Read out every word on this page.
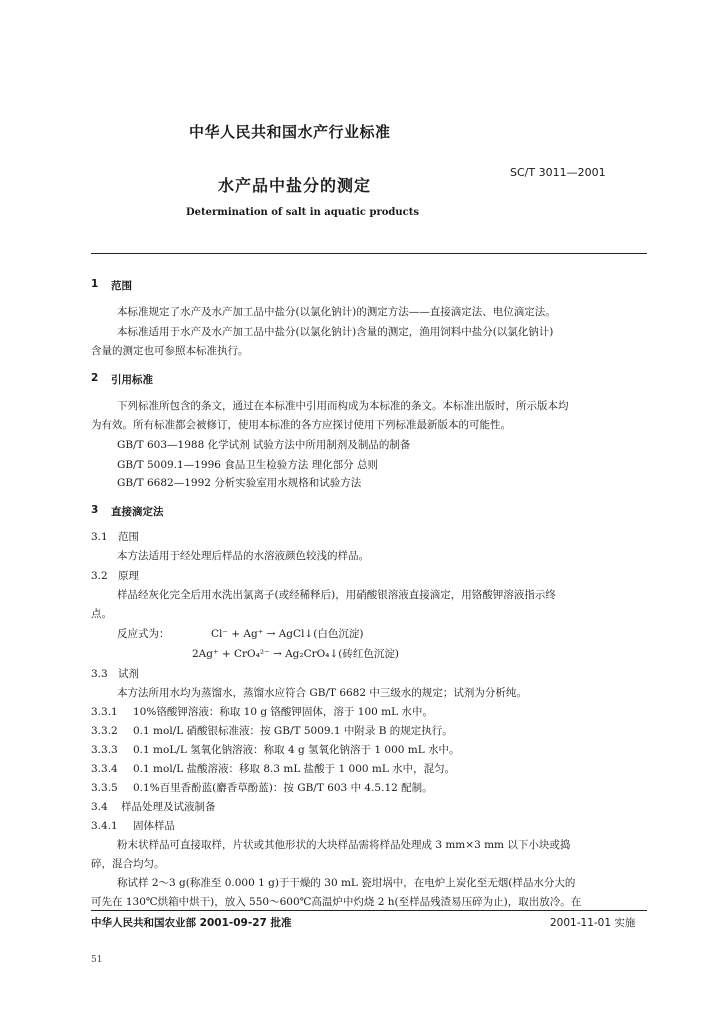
中华人民共和国水产行业标准
水产品中盐分的测定
SC/T 3011—2001
Determination of salt in aquatic products
1 范围
本标准规定了水产及水产加工品中盐分(以氯化钠计)的测定方法——直接滴定法、电位滴定法。
本标准适用于水产及水产加工品中盐分(以氯化钠计)含量的测定，渔用饲料中盐分(以氯化钠计)
含量的测定也可参照本标准执行。
2 引用标准
下列标准所包含的条文，通过在本标准中引用而构成为本标准的条文。本标准出版时，所示版本均
为有效。所有标准都会被修订，使用本标准的各方应探讨使用下列标准最新版本的可能性。
GB/T 603—1988 化学试剂 试验方法中所用制剂及制品的制备
GB/T 5009.1—1996 食品卫生检验方法 理化部分 总则
GB/T 6682—1992 分析实验室用水规格和试验方法
3 直接滴定法
3.1 范围
本方法适用于经处理后样品的水溶液颜色较浅的样品。
3.2 原理
样品经灰化完全后用水洗出氯离子(或经稀释后)，用硝酸银溶液直接滴定，用铬酸钾溶液指示终
点。
反应式为：	Cl⁻ + Ag⁺ → AgCl↓(白色沉淀)
2Ag⁺ + CrO₄²⁻ → Ag₂CrO₄↓(砖红色沉淀)
3.3 试剂
本方法所用水均为蒸馏水，蒸馏水应符合 GB/T 6682 中三级水的规定；试剂为分析纯。
3.3.1 10%铬酸钾溶液：称取 10 g 铬酸钾固体，溶于 100 mL 水中。
3.3.2 0.1 mol/L 硝酸银标准液：按 GB/T 5009.1 中附录 B 的规定执行。
3.3.3 0.1 moL/L 氢氧化钠溶液：称取 4 g 氢氧化钠溶于 1 000 mL 水中。
3.3.4 0.1 mol/L 盐酸溶液：移取 8.3 mL 盐酸于 1 000 mL 水中，混匀。
3.3.5 0.1%百里香酚蓝(麝香草酚蓝)：按 GB/T 603 中 4.5.12 配制。
3.4 样品处理及试液制备
3.4.1 固体样品
粉末状样品可直接取样，片状或其他形状的大块样品需将样品处理成 3 mm×3 mm 以下小块或捣
碎，混合均匀。
称试样 2～3 g(称准至 0.000 1 g)于干燥的 30 mL 瓷坩埚中，在电炉上炭化至无烟(样品水分大的
可先在 130℃烘箱中烘干)，放入 550～600℃高温炉中灼烧 2 h(至样品残渣易压碎为止)，取出放冷。在
中华人民共和国农业部 2001-09-27 批准	2001-11-01 实施
51
